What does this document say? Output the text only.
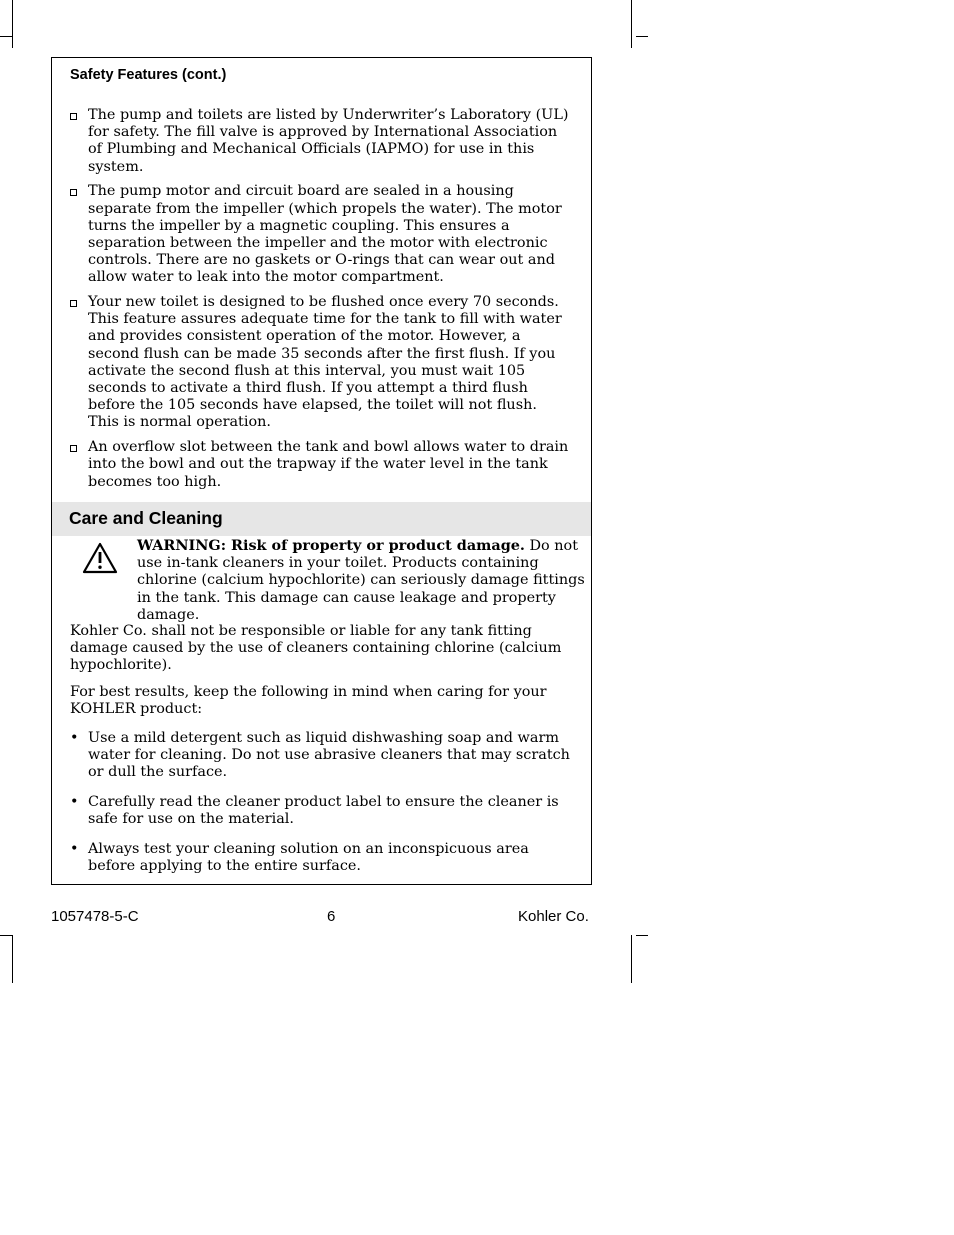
Safety Features (cont.)
The pump and toilets are listed by Underwriter’s Laboratory (UL) for safety. The fill valve is approved by International Association of Plumbing and Mechanical Officials (IAPMO) for use in this system.
The pump motor and circuit board are sealed in a housing separate from the impeller (which propels the water). The motor turns the impeller by a magnetic coupling. This ensures a separation between the impeller and the motor with electronic controls. There are no gaskets or O-rings that can wear out and allow water to leak into the motor compartment.
Your new toilet is designed to be flushed once every 70 seconds. This feature assures adequate time for the tank to fill with water and provides consistent operation of the motor. However, a second flush can be made 35 seconds after the first flush. If you activate the second flush at this interval, you must wait 105 seconds to activate a third flush. If you attempt a third flush before the 105 seconds have elapsed, the toilet will not flush. This is normal operation.
An overflow slot between the tank and bowl allows water to drain into the bowl and out the trapway if the water level in the tank becomes too high.
Care and Cleaning
WARNING: Risk of property or product damage. Do not use in-tank cleaners in your toilet. Products containing chlorine (calcium hypochlorite) can seriously damage fittings in the tank. This damage can cause leakage and property damage.
Kohler Co. shall not be responsible or liable for any tank fitting damage caused by the use of cleaners containing chlorine (calcium hypochlorite).
For best results, keep the following in mind when caring for your KOHLER product:
• Use a mild detergent such as liquid dishwashing soap and warm water for cleaning. Do not use abrasive cleaners that may scratch or dull the surface.
• Carefully read the cleaner product label to ensure the cleaner is safe for use on the material.
• Always test your cleaning solution on an inconspicuous area before applying to the entire surface.
1057478-5-C	6	Kohler Co.
